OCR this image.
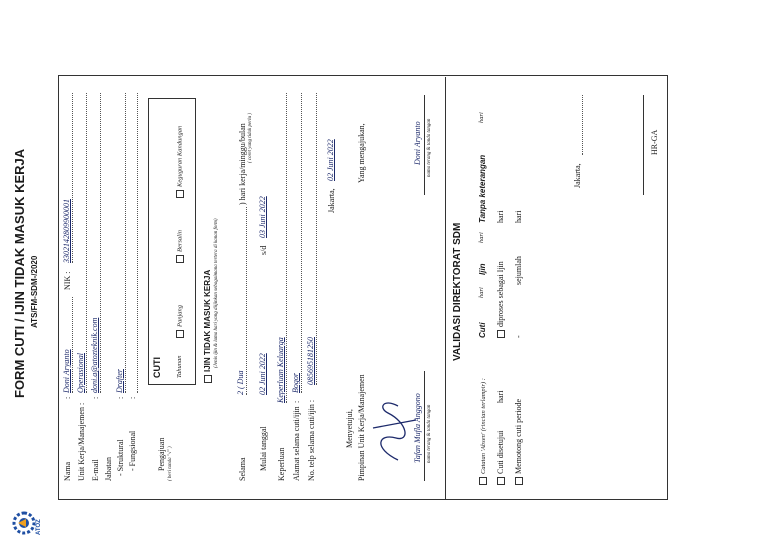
ATOZ
FORM CUTI / IJIN TIDAK MASUK KERJA ATS/FM-SDM-/2020
Nama
:
Doni Aryanto
NIK :
3302142809900001
Unit Kerja/Manajemen :
Operasional
E-mail
:
doni.a@atozteknik.com
Jabatan - Struktural
:
Drafter
- Fungsional
:
Pengajuan ( beri tanda "√" )
CUTI Tahunan
Panjang
Bersalin
Keguguran Kandungan
IJIN TIDAK MASUK KERJA (Jenis ijin & lama hari yang diijinkan sebagaimana tertera di kanan form)
Selama
2 ( Dua
) hari kerja/minggu/bulan ( coret yang tidak perlu )
Mulai tanggal
02 Juni 2022
s/d
03 Juni 2022
Keperluan
Keperluan Keluarga
Alamat selama cuti/ijin
:
Bogor
No. telp selama cuti/ijin :
085695181250
Jakarta,
02 Juni 2022
Menyetujui, Pimpinan Unit Kerja/Manajemen
Yang mengajukan,
Tafan Mufla Anggono nama terang & tanda tangan
Doni Aryanto nama terang & tanda tangan
VALIDASI DIREKTORAT SDM
Catatan 'Absen' (rincian terlampir) :
Cuti
hari
Ijin
hari
Tanpa keterangan
hari
Cuti disetujui
hari
diproses sebagai Ijin
hari
Memotong cuti periode
-
sejumlah
hari
Jakarta,
HR-GA
